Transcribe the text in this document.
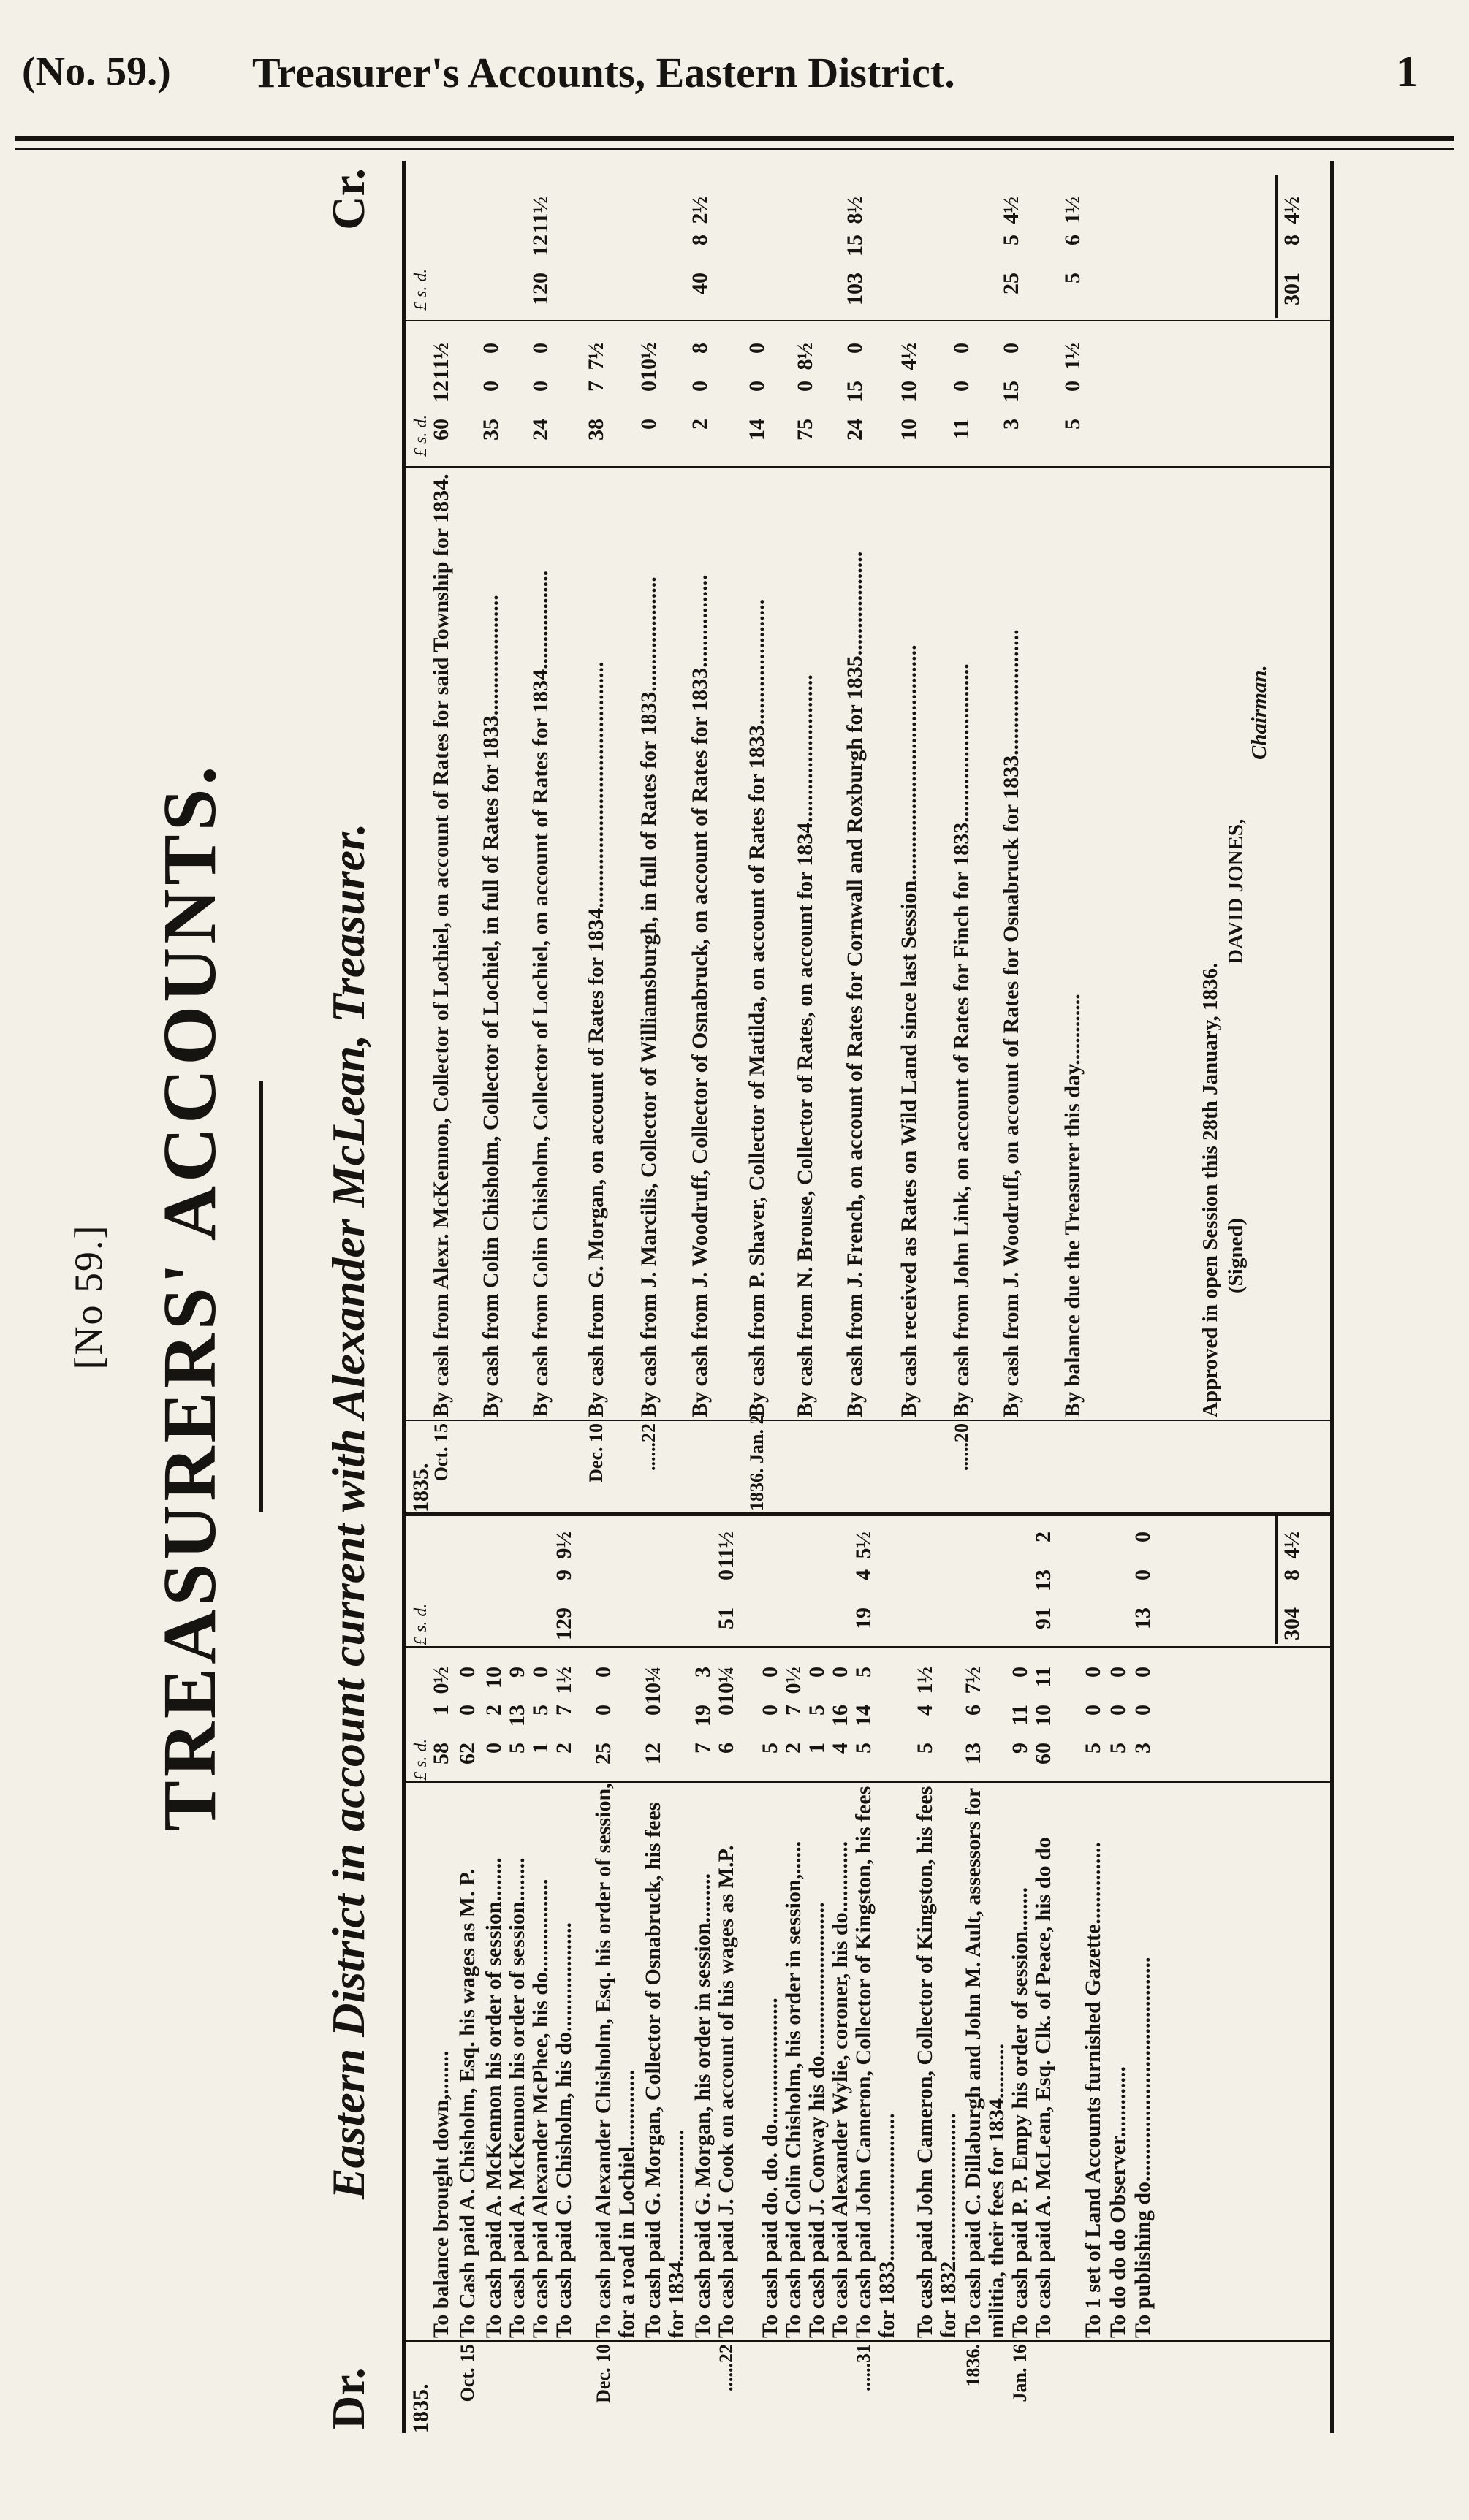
(No. 59.) Treasurer's Accounts, Eastern District.	1
[No 59.] TREASURERS' ACCOUNTS.
Dr.
Eastern District in account current with Alexander McLean, Treasurer.
Cr.
1835.
£ s. d.
£ s. d.
To balance brought down,........
5810½
Oct. 15
To Cash paid A. Chisholm, Esq. his wages as M. P.
6200
To cash paid A. McKennon his order of session........
0210
To cash paid A. McKennon his order of session........
5139
To cash paid Alexander McPhee, his do.................
150
To cash paid C. Chisholm, his do....................
271½
12999½
Dec. 10
To cash paid Alexander Chisholm, Esq. his order of session, for a road in Lochiel..............
2500
To cash paid G. Morgan, Collector of Osnabruck, his fees for 1834........................
12010¼
To cash paid G. Morgan, his order in session.........
7193
......22
To cash paid J. Cook on account of his wages as M.P.
6010¼
51011½
To cash paid do. do. do.......................
500
To cash paid Colin Chisholm, his order in session,......
270½
To cash paid J. Conway his do............................
150
To cash paid Alexander Wylie, coroner, his do.............
4160
......31
To cash paid John Cameron, Collector of Kingston, his fees for 1833...........................
5145
1945½
To cash paid John Cameron, Collector of Kingston, his fees for 1832...........................
541½
1836.
To cash paid C. Dillaburgh and John M. Ault, assessors for militia, their fees for 1834..........
1367½
Jan. 16
To cash paid P. P. Empy his order of session........
9110
To cash paid A. McLean, Esq. Clk. of Peace, his do do
601011
91132
To 1 set of Land Accounts furnished Gazette...............
500
To do do do Observer.............
500
To publishing do.........................................
300
1300
30484½
1835.
£ s. d.
£ s. d.
Oct. 15
By cash from Alexr. McKennon, Collector of Lochiel, on account of Rates for said Township for 1834.
601211½
By cash from Colin Chisholm, Collector of Lochiel, in full of Rates for 1833......................
3500
By cash from Colin Chisholm, Collector of Lochiel, on account of Rates for 1834..................
2400
1201211½
Dec. 10
By cash from G. Morgan, on account of Rates for 1834.............................................
3877½
......22
By cash from J. Marcilis, Collector of Williamsburgh, in full of Rates for 1833.....................
0010½
By cash from J. Woodruff, Collector of Osnabruck, on account of Rates for 1833.................
208
4082½
1836. Jan. 2
By cash from P. Shaver, Collector of Matilda, on account of Rates for 1833.......................
1400
By cash from N. Brouse, Collector of Rates, on account for 1834...........................
7508½
By cash from J. French, on account of Rates for Cornwall and Roxburgh for 1835...................
24150
103158½
By cash received as Rates on Wild Land since last Session...........................................
10104½
......20
By cash from John Link, on account of Rates for Finch for 1833.............................
1100
By cash from J. Woodruff, on account of Rates for Osnabruck for 1833.......................
3150
2554½
By balance due the Treasurer this day.............
501½
561½
Approved in open Session this 28th January, 1836. (Signed)
DAVID JONES,
Chairman.
30184½
